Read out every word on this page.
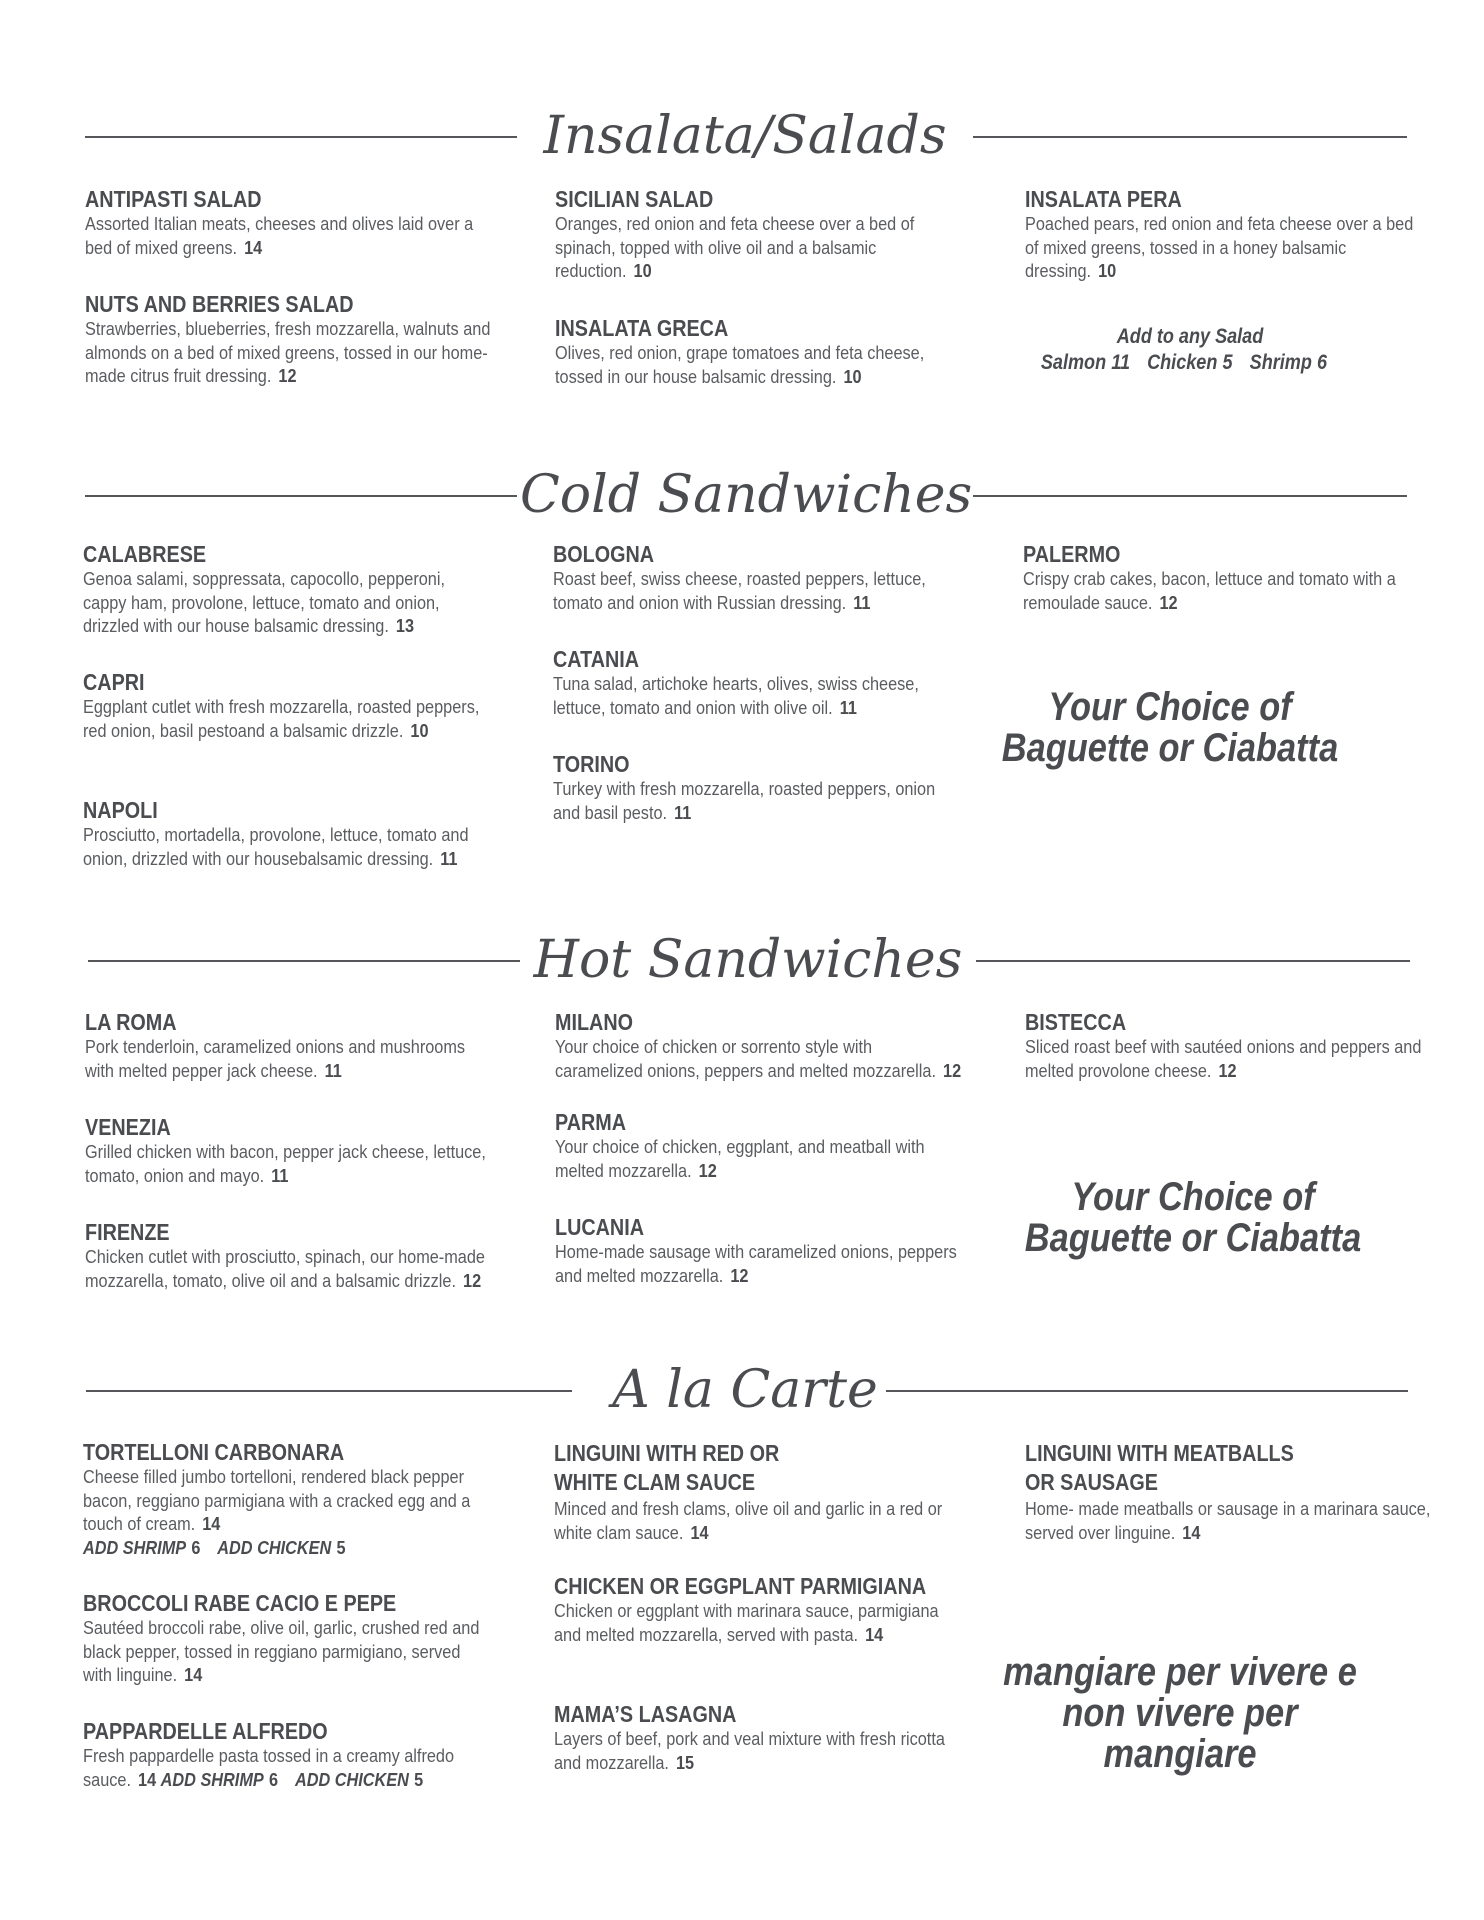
Insalata/Salads
ANTIPASTI SALAD
Assorted Italian meats, cheeses and olives laid over a bed of mixed greens. 14
NUTS AND BERRIES SALAD
Strawberries, blueberries, fresh mozzarella, walnuts and almonds on a bed of mixed greens, tossed in our home-made citrus fruit dressing. 12
SICILIAN SALAD
Oranges, red onion and feta cheese over a bed of spinach, topped with olive oil and a balsamic reduction. 10
INSALATA GRECA
Olives, red onion, grape tomatoes and feta cheese, tossed in our house balsamic dressing. 10
INSALATA PERA
Poached pears, red onion and feta cheese over a bed of mixed greens, tossed in a honey balsamic dressing. 10
Add to any Salad
Salmon 11 Chicken 5 Shrimp 6
Cold Sandwiches
CALABRESE
Genoa salami, soppressata, capocollo, pepperoni, cappy ham, provolone, lettuce, tomato and onion, drizzled with our house balsamic dressing. 13
CAPRI
Eggplant cutlet with fresh mozzarella, roasted peppers, red onion, basil pestoand a balsamic drizzle. 10
NAPOLI
Prosciutto, mortadella, provolone, lettuce, tomato and onion, drizzled with our housebalsamic dressing. 11
BOLOGNA
Roast beef, swiss cheese, roasted peppers, lettuce, tomato and onion with Russian dressing. 11
CATANIA
Tuna salad, artichoke hearts, olives, swiss cheese, lettuce, tomato and onion with olive oil. 11
TORINO
Turkey with fresh mozzarella, roasted peppers, onion and basil pesto. 11
PALERMO
Crispy crab cakes, bacon, lettuce and tomato with a remoulade sauce. 12
Your Choice of
Baguette or Ciabatta
Hot Sandwiches
LA ROMA
Pork tenderloin, caramelized onions and mushrooms with melted pepper jack cheese. 11
VENEZIA
Grilled chicken with bacon, pepper jack cheese, lettuce, tomato, onion and mayo. 11
FIRENZE
Chicken cutlet with prosciutto, spinach, our home-made mozzarella, tomato, olive oil and a balsamic drizzle. 12
MILANO
Your choice of chicken or sorrento style with caramelized onions, peppers and melted mozzarella. 12
PARMA
Your choice of chicken, eggplant, and meatball with melted mozzarella. 12
LUCANIA
Home-made sausage with caramelized onions, peppers and melted mozzarella. 12
BISTECCA
Sliced roast beef with sautéed onions and peppers and melted provolone cheese. 12
Your Choice of
Baguette or Ciabatta
A la Carte
TORTELLONI CARBONARA
Cheese filled jumbo tortelloni, rendered black pepper bacon, reggiano parmigiana with a cracked egg and a touch of cream. 14
ADD SHRIMP 6 ADD CHICKEN 5
BROCCOLI RABE CACIO E PEPE
Sautéed broccoli rabe, olive oil, garlic, crushed red and black pepper, tossed in reggiano parmigiano, served with linguine. 14
PAPPARDELLE ALFREDO
Fresh pappardelle pasta tossed in a creamy alfredo sauce. 14 ADD SHRIMP 6 ADD CHICKEN 5
LINGUINI WITH RED OR
WHITE CLAM SAUCE
Minced and fresh clams, olive oil and garlic in a red or white clam sauce. 14
CHICKEN OR EGGPLANT PARMIGIANA
Chicken or eggplant with marinara sauce, parmigiana and melted mozzarella, served with pasta. 14
MAMA’S LASAGNA
Layers of beef, pork and veal mixture with fresh ricotta and mozzarella. 15
LINGUINI WITH MEATBALLS
OR SAUSAGE
Home- made meatballs or sausage in a marinara sauce, served over linguine. 14
mangiare per vivere e
non vivere per mangiare
